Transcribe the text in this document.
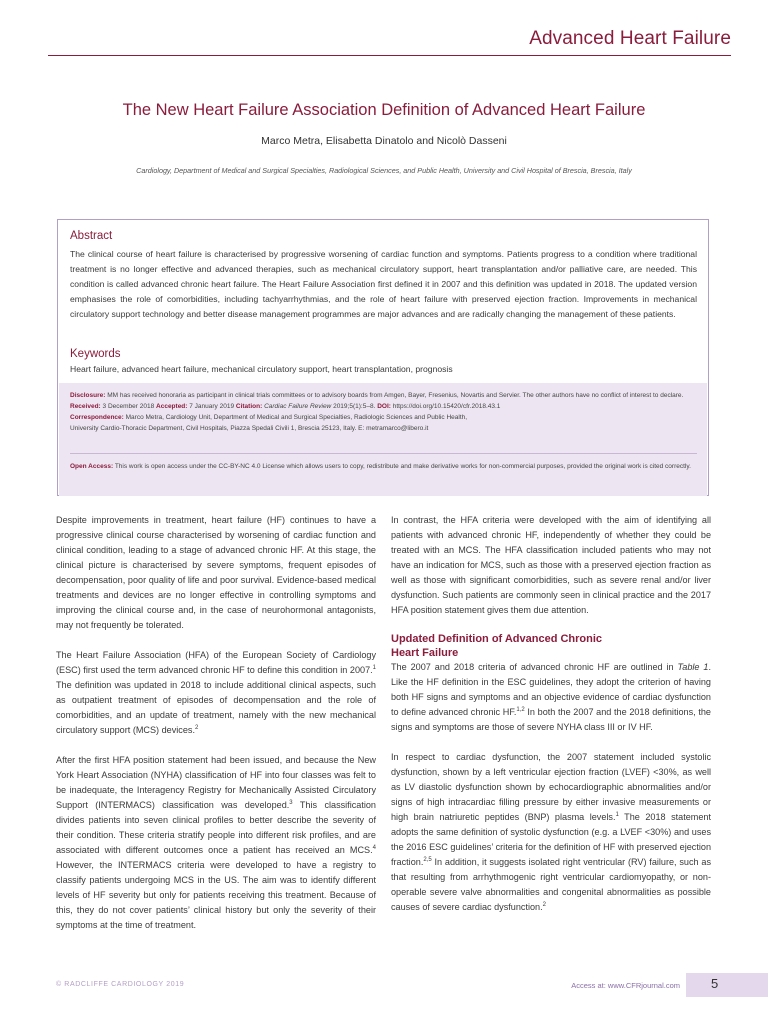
Advanced Heart Failure
The New Heart Failure Association Definition of Advanced Heart Failure
Marco Metra, Elisabetta Dinatolo and Nicolò Dasseni
Cardiology, Department of Medical and Surgical Specialties, Radiological Sciences, and Public Health, University and Civil Hospital of Brescia, Brescia, Italy
Abstract
The clinical course of heart failure is characterised by progressive worsening of cardiac function and symptoms. Patients progress to a condition where traditional treatment is no longer effective and advanced therapies, such as mechanical circulatory support, heart transplantation and/or palliative care, are needed. This condition is called advanced chronic heart failure. The Heart Failure Association first defined it in 2007 and this definition was updated in 2018. The updated version emphasises the role of comorbidities, including tachyarrhythmias, and the role of heart failure with preserved ejection fraction. Improvements in mechanical circulatory support technology and better disease management programmes are major advances and are radically changing the management of these patients.
Keywords
Heart failure, advanced heart failure, mechanical circulatory support, heart transplantation, prognosis
Disclosure: MM has received honoraria as participant in clinical trials committees or to advisory boards from Amgen, Bayer, Fresenius, Novartis and Servier. The other authors have no conflict of interest to declare.
Received: 3 December 2018 Accepted: 7 January 2019 Citation: Cardiac Failure Review 2019;5(1):5–8. DOI: https://doi.org/10.15420/cfr.2018.43.1
Correspondence: Marco Metra, Cardiology Unit, Department of Medical and Surgical Specialties, Radiologic Sciences and Public Health,
University Cardio-Thoracic Department, Civil Hospitals, Piazza Spedali Civili 1, Brescia 25123, Italy. E: metramarco@libero.it
Open Access: This work is open access under the CC-BY-NC 4.0 License which allows users to copy, redistribute and make derivative works for non-commercial purposes, provided the original work is cited correctly.

Despite improvements in treatment, heart failure (HF) continues to have a progressive clinical course characterised by worsening of cardiac function and clinical condition, leading to a stage of advanced chronic HF. At this stage, the clinical picture is characterised by severe symptoms, frequent episodes of decompensation, poor quality of life and poor survival. Evidence-based medical treatments and devices are no longer effective in controlling symptoms and improving the clinical course and, in the case of neurohormonal antagonists, may not frequently be tolerated.

The Heart Failure Association (HFA) of the European Society of Cardiology (ESC) first used the term advanced chronic HF to define this condition in 2007.$^1$ The definition was updated in 2018 to include additional clinical aspects, such as outpatient treatment of episodes of decompensation and the role of comorbidities, and an update of treatment, namely with the new mechanical circulatory support (MCS) devices.$^2$

After the first HFA position statement had been issued, and because the New York Heart Association (NYHA) classification of HF into four classes was felt to be inadequate, the Interagency Registry for Mechanically Assisted Circulatory Support (INTERMACS) classification was developed.$^3$ This classification divides patients into seven clinical profiles to better describe the severity of their condition. These criteria stratify people into different risk profiles, and are associated with different outcomes once a patient has received an MCS.$^4$ However, the INTERMACS criteria were developed to have a registry to classify patients undergoing MCS in the US. The aim was to identify different levels of HF severity but only for patients receiving this treatment. Because of this, they do not cover patients’ clinical history but only the severity of their symptoms at the time of treatment.

In contrast, the HFA criteria were developed with the aim of identifying all patients with advanced chronic HF, independently of whether they could be treated with an MCS. The HFA classification included patients who may not have an indication for MCS, such as those with a preserved ejection fraction as well as those with significant comorbidities, such as severe renal and/or liver dysfunction. Such patients are commonly seen in clinical practice and the 2017 HFA position statement gives them due attention.

Updated Definition of Advanced Chronic
Heart Failure

The 2007 and 2018 criteria of advanced chronic HF are outlined in Table 1. Like the HF definition in the ESC guidelines, they adopt the criterion of having both HF signs and symptoms and an objective evidence of cardiac dysfunction to define advanced chronic HF.$^{1,2}$ In both the 2007 and the 2018 definitions, the signs and symptoms are those of severe NYHA class III or IV HF.

In respect to cardiac dysfunction, the 2007 statement included systolic dysfunction, shown by a left ventricular ejection fraction (LVEF) <30%, as well as LV diastolic dysfunction shown by echocardiographic abnormalities and/or signs of high intracardiac filling pressure by either invasive measurements or high brain natriuretic peptides (BNP) plasma levels.$^1$ The 2018 statement adopts the same definition of systolic dysfunction (e.g. a LVEF <30%) and uses the 2016 ESC guidelines’ criteria for the definition of HF with preserved ejection fraction.$^{2,5}$ In addition, it suggests isolated right ventricular (RV) failure, such as that resulting from arrhythmogenic right ventricular cardiomyopathy, or non-operable severe valve abnormalities and congenital abnormalities as possible causes of severe cardiac dysfunction.$^2$

© RADCLIFFE CARDIOLOGY 2019	Access at: www.CFRjournal.com 5
